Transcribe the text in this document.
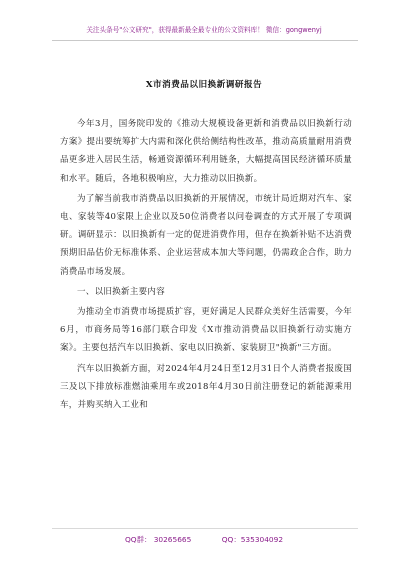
关注头条号"公文研究"，获得最新最全最专业的公文资料库！ 微信：gongwenyj
X市消费品以旧换新调研报告

今年3月，国务院印发的《推动大规模设备更新和消费品以旧换新行动方案》提出要统筹扩大内需和深化供给侧结构性改革，推动高质量耐用消费品更多进入居民生活，畅通资源循环利用链条，大幅提高国民经济循环质量和水平。随后，各地积极响应，大力推动以旧换新。

为了解当前我市消费品以旧换新的开展情况，市统计局近期对汽车、家电、家装等40家限上企业以及50位消费者以问卷调查的方式开展了专项调研。调研显示：以旧换新有一定的促进消费作用，但存在换新补贴不达消费预期旧品估价无标准体系、企业运营成本加大等问题，仍需政企合作，助力消费品市场发展。

一、以旧换新主要内容

为推动全市消费市场提质扩容，更好满足人民群众美好生活需要，今年6月，市商务局等16部门联合印发《X市推动消费品以旧换新行动实施方案》。主要包括汽车以旧换新、家电以旧换新、家装厨卫"换新"三方面。

汽车以旧换新方面，对2024年4月24日至12月31日个人消费者报废国三及以下排放标准燃油乘用车或2018年4月30日前注册登记的新能源乘用车，并购买纳入工业和

QQ群： 30265665	QQ：535304092
